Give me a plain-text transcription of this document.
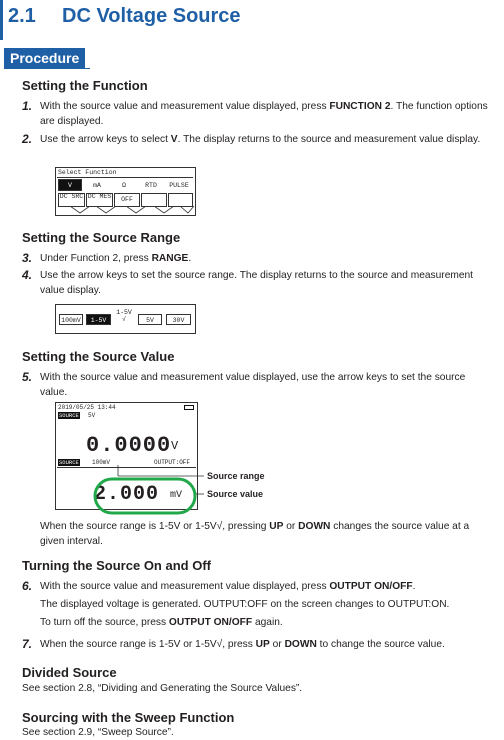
2.1 DC Voltage Source
Procedure
Setting the Function
1. With the source value and measurement value displayed, press FUNCTION 2. The function options are displayed.
2. Use the arrow keys to select V. The display returns to the source and measurement value display.
Select Function
V	mA	Ω	RTD	PULSE
DC SRC DC MES	OFF
Setting the Source Range
3. Under Function 2, press RANGE.
4. Use the arrow keys to set the source range. The display returns to the source and measurement value display.
100mV	1-5V
1-5V √	5V	30V
Setting the Source Value
5. With the source value and measurement value displayed, use the arrow keys to set the source value.
2019/05/25 13:44
SOURCE 5V
0.0000 V
SOURCE 100mV	OUTPUT:OFF
2.000 mV
Source range
Source value
When the source range is 1-5V or 1-5V√, pressing UP or DOWN changes the source value at a given interval.
Turning the Source On and Off
6. With the source value and measurement value displayed, press OUTPUT ON/OFF.
The displayed voltage is generated. OUTPUT:OFF on the screen changes to OUTPUT:ON.
To turn off the source, press OUTPUT ON/OFF again.
7. When the source range is 1-5V or 1-5V√, press UP or DOWN to change the source value.
Divided Source
See section 2.8, “Dividing and Generating the Source Values”.
Sourcing with the Sweep Function
See section 2.9, “Sweep Source”.
